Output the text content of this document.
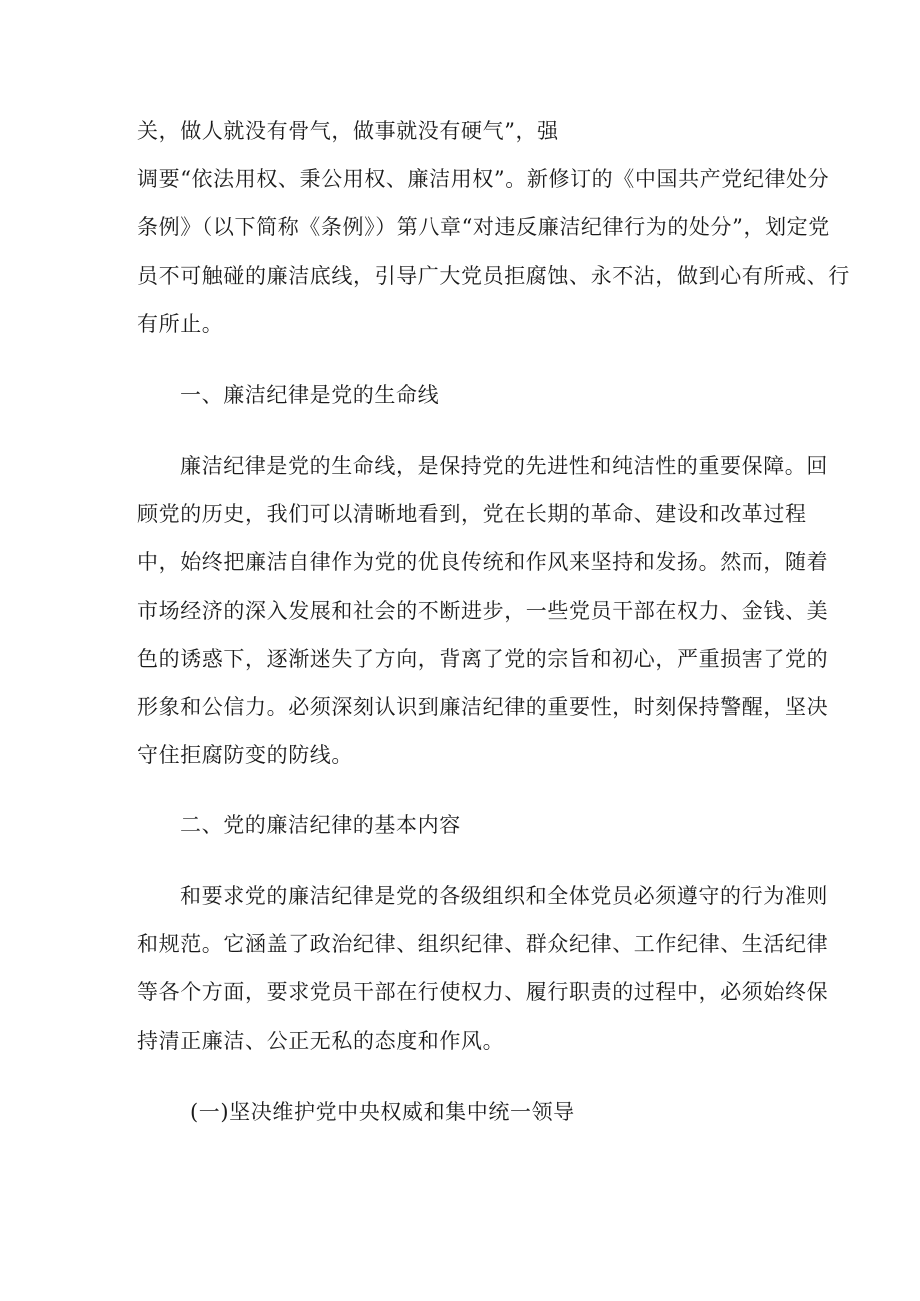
关，做人就没有骨气，做事就没有硬气”，强
调要“依法用权、秉公用权、廉洁用权”。新修订的《中国共产党纪律处分
条例》（以下简称《条例》）第八章“对违反廉洁纪律行为的处分”，划定党
员不可触碰的廉洁底线，引导广大党员拒腐蚀、永不沾，做到心有所戒、行
有所止。
一、廉洁纪律是党的生命线
廉洁纪律是党的生命线，是保持党的先进性和纯洁性的重要保障。回
顾党的历史，我们可以清晰地看到，党在长期的革命、建设和改革过程
中，始终把廉洁自律作为党的优良传统和作风来坚持和发扬。然而，随着
市场经济的深入发展和社会的不断进步，一些党员干部在权力、金钱、美
色的诱惑下，逐渐迷失了方向，背离了党的宗旨和初心，严重损害了党的
形象和公信力。必须深刻认识到廉洁纪律的重要性，时刻保持警醒，坚决
守住拒腐防变的防线。
二、党的廉洁纪律的基本内容
和要求党的廉洁纪律是党的各级组织和全体党员必须遵守的行为准则
和规范。它涵盖了政治纪律、组织纪律、群众纪律、工作纪律、生活纪律
等各个方面，要求党员干部在行使权力、履行职责的过程中，必须始终保
持清正廉洁、公正无私的态度和作风。
(一)坚决维护党中央权威和集中统一领导
